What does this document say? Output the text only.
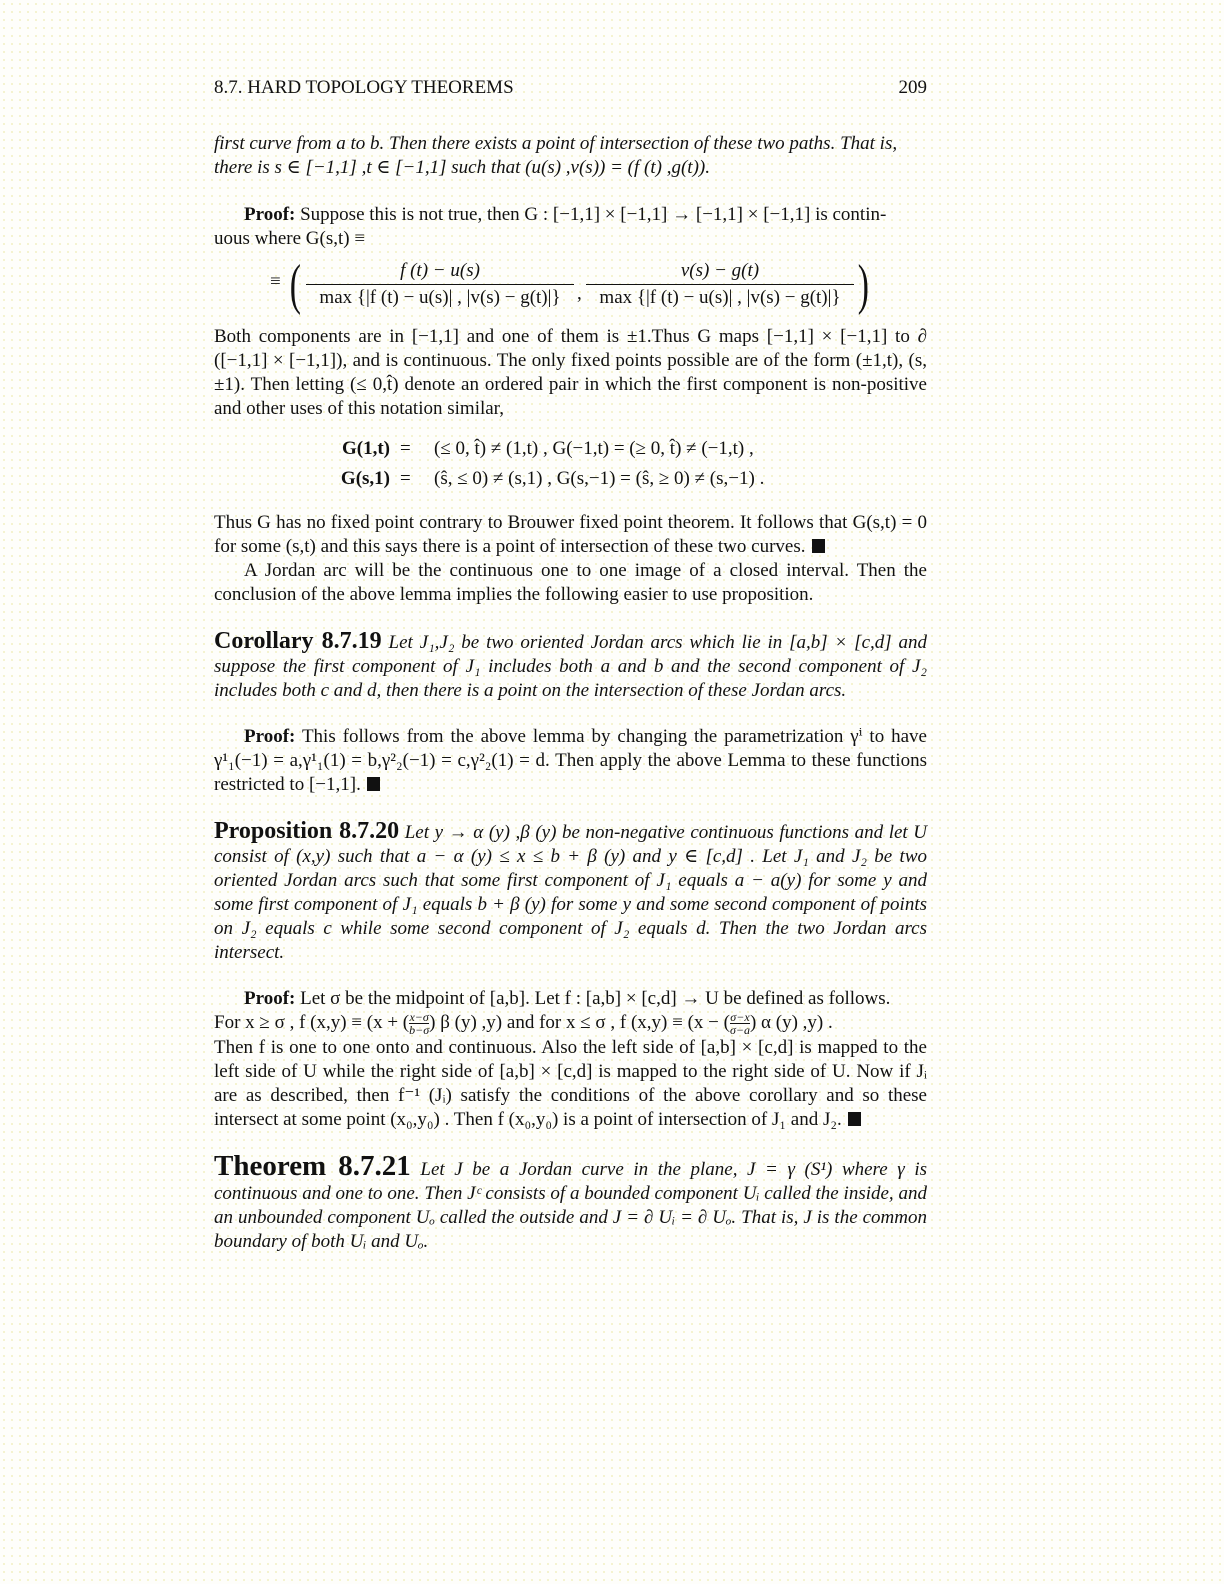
8.7. HARD TOPOLOGY THEOREMS	209

first curve from a to b. Then there exists a point of intersection of these two paths. That is,
there is s ∈ [−1,1] ,t ∈ [−1,1] such that (u(s) ,v(s)) = (f (t) ,g(t)).

Proof: Suppose this is not true, then G : [−1,1] × [−1,1] → [−1,1] × [−1,1] is contin-
uous where G(s,t) ≡

≡ (	f (t) − u(s)
max {|f (t) − u(s)| , |v(s) − g(t)|} ,
v(s) − g(t)
max {|f (t) − u(s)| , |v(s) − g(t)|} )

Both components are in [−1,1] and one of them is ±1.Thus G maps [−1,1] × [−1,1] to ∂ ([−1,1] × [−1,1]), and is continuous. The only fixed points possible are of the form (±1,t), (s,±1). Then letting (≤ 0,t̂) denote an ordered pair in which the first component is non-positive and other uses of this notation similar,

G(1,t) = (≤ 0, t̂) ≠ (1,t) , G(−1,t) = (≥ 0, t̂) ≠ (−1,t) ,
G(s,1) = (ŝ, ≤ 0) ≠ (s,1) , G(s,−1) = (ŝ, ≥ 0) ≠ (s,−1) .

Thus G has no fixed point contrary to Brouwer fixed point theorem. It follows that G(s,t) = 0 for some (s,t) and this says there is a point of intersection of these two curves.

A Jordan arc will be the continuous one to one image of a closed interval. Then the conclusion of the above lemma implies the following easier to use proposition.

Corollary 8.7.19 Let J₁,J₂ be two oriented Jordan arcs which lie in [a,b] × [c,d] and suppose the first component of J₁ includes both a and b and the second component of J₂ includes both c and d, then there is a point on the intersection of these Jordan arcs.

Proof: This follows from the above lemma by changing the parametrization γⁱ to have γ¹₁(−1) = a,γ¹₁(1) = b,γ²₂(−1) = c,γ²₂(1) = d. Then apply the above Lemma to these functions restricted to [−1,1].

Proposition 8.7.20 Let y → α (y) ,β (y) be non-negative continuous functions and let U consist of (x,y) such that a − α (y) ≤ x ≤ b + β (y) and y ∈ [c,d] . Let J₁ and J₂ be two oriented Jordan arcs such that some first component of J₁ equals a − a(y) for some y and some first component of J₁ equals b + β (y) for some y and some second component of points on J₂ equals c while some second component of J₂ equals d. Then the two Jordan arcs intersect.

Proof: Let σ be the midpoint of [a,b]. Let f : [a,b] × [c,d] → U be defined as follows.

For x ≥ σ , f $(x,y) \equiv (x + (\frac{x-\sigma}{b-\sigma})$ β (y) ,y) and for x ≤ σ , f $(x,y) \equiv (x - (\frac{\sigma-x}{\sigma-a})$ α (y) ,y) .

Then f is one to one onto and continuous. Also the left side of [a,b] × [c,d] is mapped to the left side of U while the right side of [a,b] × [c,d] is mapped to the right side of U. Now if Jᵢ are as described, then f⁻¹ (Jᵢ) satisfy the conditions of the above corollary and so these intersect at some point (x₀,y₀) . Then f (x₀,y₀) is a point of intersection of J₁ and J₂.

Theorem 8.7.21 Let J be a Jordan curve in the plane, J = γ (S¹) where γ is continuous and one to one. Then Jᶜ consists of a bounded component Uᵢ called the inside, and an unbounded component Uₒ called the outside and J = ∂ Uᵢ = ∂ Uₒ. That is, J is the common boundary of both Uᵢ and Uₒ.
